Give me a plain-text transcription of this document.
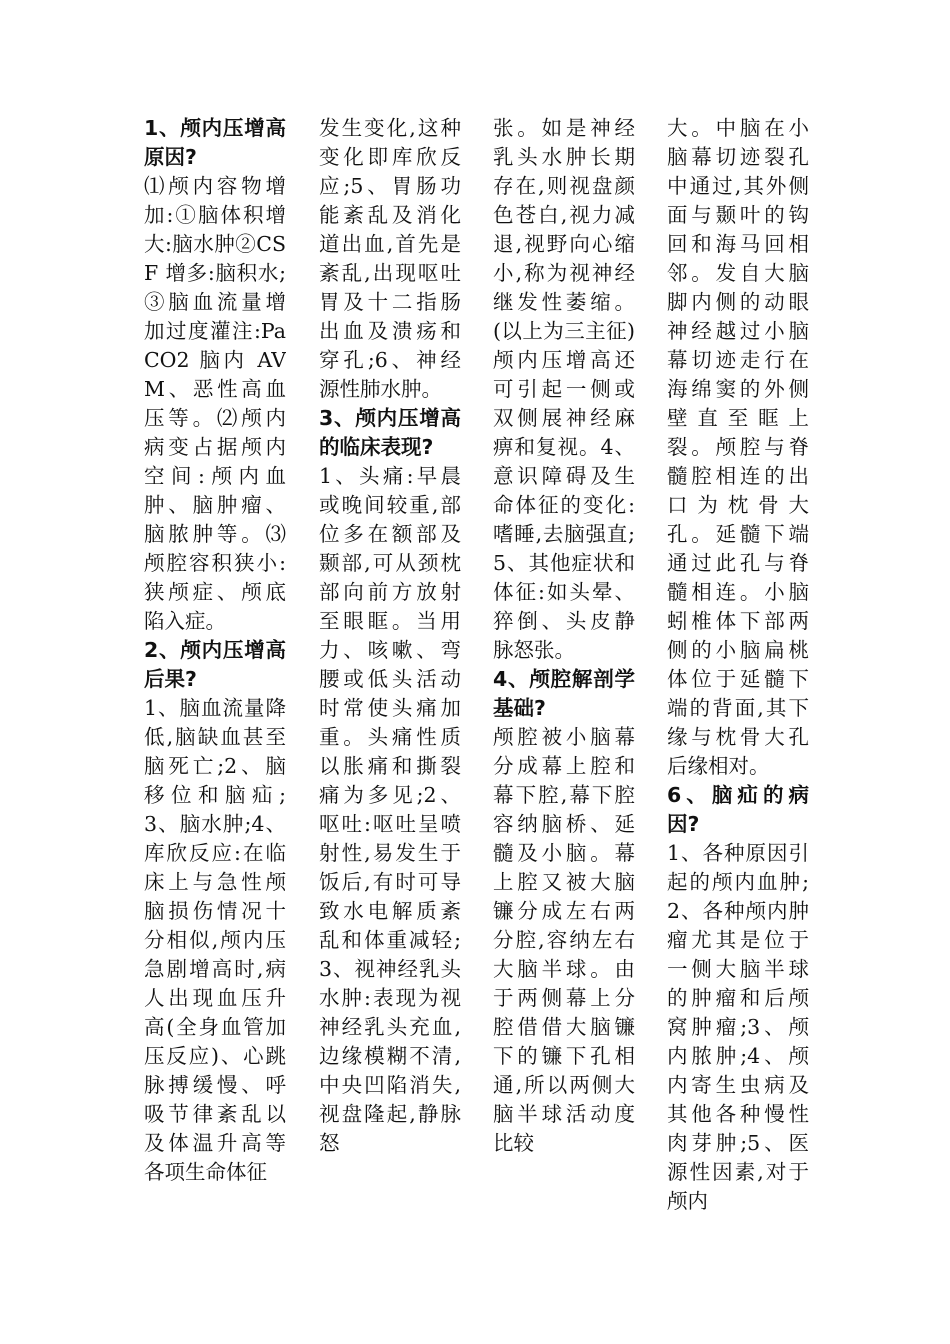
1、颅内压增高原因?

⑴颅内容物增加:①脑体积增大:脑水肿②CSF 增多:脑积水;③脑血流量增加过度灌注:PaCO2 脑内 AVM、恶性高血压等。⑵颅内病变占据颅内空间:颅内血肿、脑肿瘤、脑脓肿等。⑶ 颅腔容积狭小:狭颅症、颅底陷入症。

2、颅内压增高后果?

1、脑血流量降低,脑缺血甚至脑死亡;2、脑移位和脑疝;3、脑水肿;4、库欣反应:在临床上与急性颅脑损伤情况十分相似,颅内压急剧增高时,病人出现血压升高(全身血管加压反应)、心跳脉搏缓慢、呼吸节律紊乱以及体温升高等各项生命体征

发生变化,这种变化即库欣反应;5、胃肠功能紊乱及消化道出血,首先是紊乱,出现呕吐胃及十二指肠出血及溃疡和穿孔;6、神经源性肺水肿。

3、颅内压增高的临床表现?

1、头痛:早晨或晚间较重,部位多在额部及颞部,可从颈枕部向前方放射至眼眶。当用力、咳嗽、弯腰或低头活动时常使头痛加重。头痛性质以胀痛和撕裂痛为多见;2、呕吐:呕吐呈喷射性,易发生于饭后,有时可导致水电解质紊乱和体重减轻;3、视神经乳头水肿:表现为视神经乳头充血,边缘模糊不清,中央凹陷消失,视盘隆起,静脉怒

张。如是神经乳头水肿长期存在,则视盘颜色苍白,视力减退,视野向心缩小,称为视神经继发性萎缩。(以上为三主征)颅内压增高还可引起一侧或双侧展神经麻痹和复视。4、意识障碍及生命体征的变化:嗜睡,去脑强直;5、其他症状和体征:如头晕、猝倒、头皮静脉怒张。

4、颅腔解剖学基础?

颅腔被小脑幕分成幕上腔和幕下腔,幕下腔容纳脑桥、延髓及小脑。幕上腔又被大脑镰分成左右两分腔,容纳左右大脑半球。由于两侧幕上分腔借借大脑镰下的镰下孔相通,所以两侧大脑半球活动度比较

大。中脑在小脑幕切迹裂孔中通过,其外侧面与颞叶的钩回和海马回相邻。发自大脑脚内侧的动眼神经越过小脑幕切迹走行在海绵窦的外侧壁直至眶上裂。颅腔与脊髓腔相连的出口为枕骨大孔。延髓下端通过此孔与脊髓相连。小脑蚓椎体下部两侧的小脑扁桃体位于延髓下端的背面,其下缘与枕骨大孔后缘相对。

6、脑疝的病因?

1、各种原因引起的颅内血肿;2、各种颅内肿瘤尤其是位于一侧大脑半球的肿瘤和后颅窝肿瘤;3、颅内脓肿;4、颅内寄生虫病及其他各种慢性肉芽肿;5、医源性因素,对于颅内
